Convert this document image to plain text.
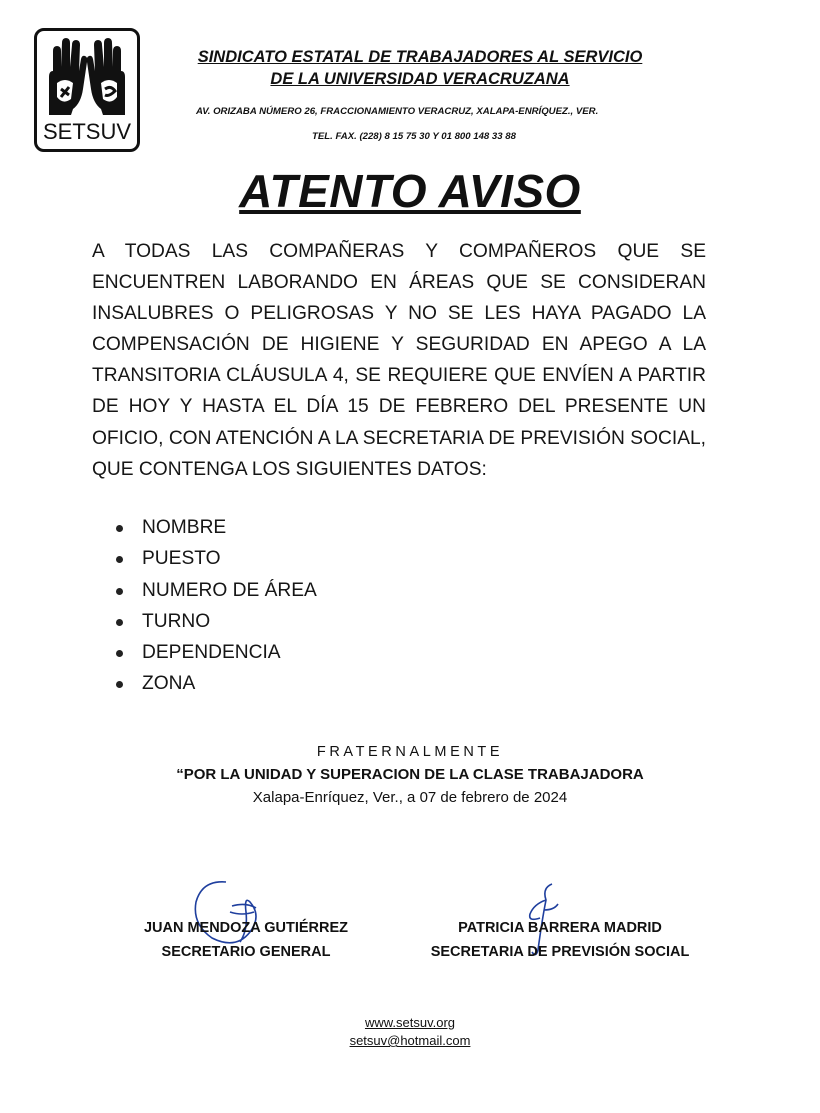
SETSUV
SINDICATO ESTATAL DE TRABAJADORES AL SERVICIO
DE LA UNIVERSIDAD VERACRUZANA
AV. ORIZABA NÚMERO 26, FRACCIONAMIENTO VERACRUZ, XALAPA-ENRÍQUEZ., VER.
TEL. FAX. (228) 8 15 75 30 Y 01 800 148 33 88
ATENTO AVISO
A TODAS LAS COMPAÑERAS Y COMPAÑEROS QUE SE ENCUENTREN LABORANDO EN ÁREAS QUE SE CONSIDERAN INSALUBRES O PELIGROSAS Y NO SE LES HAYA PAGADO LA COMPENSACIÓN DE HIGIENE Y SEGURIDAD EN APEGO A LA TRANSITORIA CLÁUSULA 4, SE REQUIERE QUE ENVÍEN A PARTIR DE HOY Y HASTA EL DÍA 15 DE FEBRERO DEL PRESENTE UN OFICIO, CON ATENCIÓN A LA SECRETARIA DE PREVISIÓN SOCIAL, QUE CONTENGA LOS SIGUIENTES DATOS:
NOMBRE
PUESTO
NUMERO DE ÁREA
TURNO
DEPENDENCIA
ZONA
FRATERNALMENTE
“POR LA UNIDAD Y SUPERACION DE LA CLASE TRABAJADORA
Xalapa-Enríquez, Ver., a 07 de febrero de 2024
JUAN MENDOZA GUTIÉRREZ
SECRETARIO GENERAL
PATRICIA BARRERA MADRID
SECRETARIA DE PREVISIÓN SOCIAL
www.setsuv.org
setsuv@hotmail.com
